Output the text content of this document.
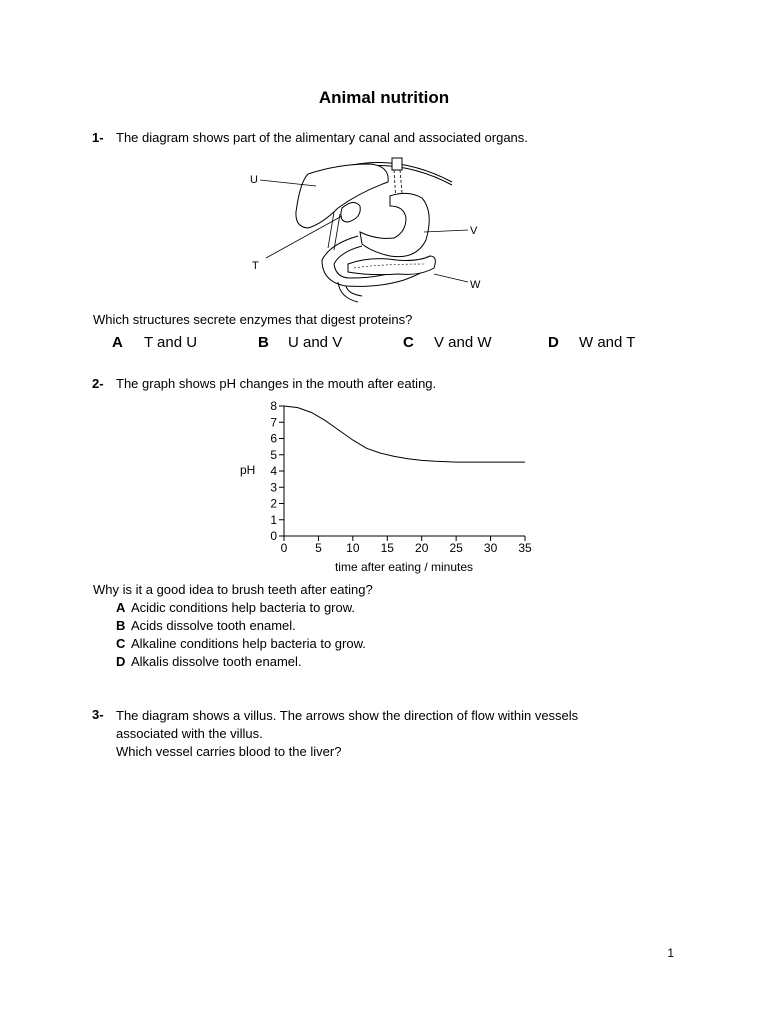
Animal nutrition
1- The diagram shows part of the alimentary canal and associated organs.
U
T
V
W
Which structures secrete enzymes that digest proteins?
A T and U	B U and V	C V and W	D W and T
2- The graph shows pH changes in the mouth after eating.
0
1
2
3
4
5
6
7
8
0 5 10 15 20 25 30 35
pH
time after eating / minutes
Why is it a good idea to brush teeth after eating?
A Acidic conditions help bacteria to grow.
B Acids dissolve tooth enamel.
C Alkaline conditions help bacteria to grow.
D Alkalis dissolve tooth enamel.
3- The diagram shows a villus. The arrows show the direction of flow within vessels
associated with the villus.
Which vessel carries blood to the liver?
1
